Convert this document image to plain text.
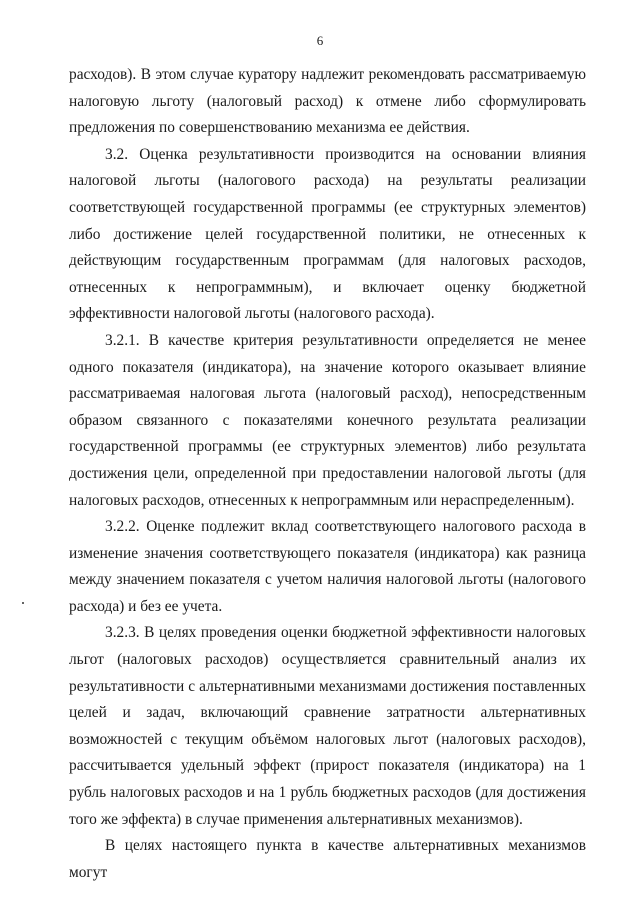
6

расходов). В этом случае куратору надлежит рекомендовать рассматриваемую налоговую льготу (налоговый расход) к отмене либо сформулировать предложения по совершенствованию механизма ее действия.

3.2. Оценка результативности производится на основании влияния налоговой льготы (налогового расхода) на результаты реализации соответствующей государственной программы (ее структурных элементов) либо достижение целей государственной политики, не отнесенных к действующим государственным программам (для налоговых расходов, отнесенных к непрограммным), и включает оценку бюджетной эффективности налоговой льготы (налогового расхода).

3.2.1. В качестве критерия результативности определяется не менее одного показателя (индикатора), на значение которого оказывает влияние рассматриваемая налоговая льгота (налоговый расход), непосредственным образом связанного с показателями конечного результата реализации государственной программы (ее структурных элементов) либо результата достижения цели, определенной при предоставлении налоговой льготы (для налоговых расходов, отнесенных к непрограммным или нераспределенным).

3.2.2. Оценке подлежит вклад соответствующего налогового расхода в изменение значения соответствующего показателя (индикатора) как разница между значением показателя с учетом наличия налоговой льготы (налогового расхода) и без ее учета.

3.2.3. В целях проведения оценки бюджетной эффективности налоговых льгот (налоговых расходов) осуществляется сравнительный анализ их результативности с альтернативными механизмами достижения поставленных целей и задач, включающий сравнение затратности альтернативных возможностей с текущим объёмом налоговых льгот (налоговых расходов), рассчитывается удельный эффект (прирост показателя (индикатора) на 1 рубль налоговых расходов и на 1 рубль бюджетных расходов (для достижения того же эффекта) в случае применения альтернативных механизмов).

В целях настоящего пункта в качестве альтернативных механизмов могут
